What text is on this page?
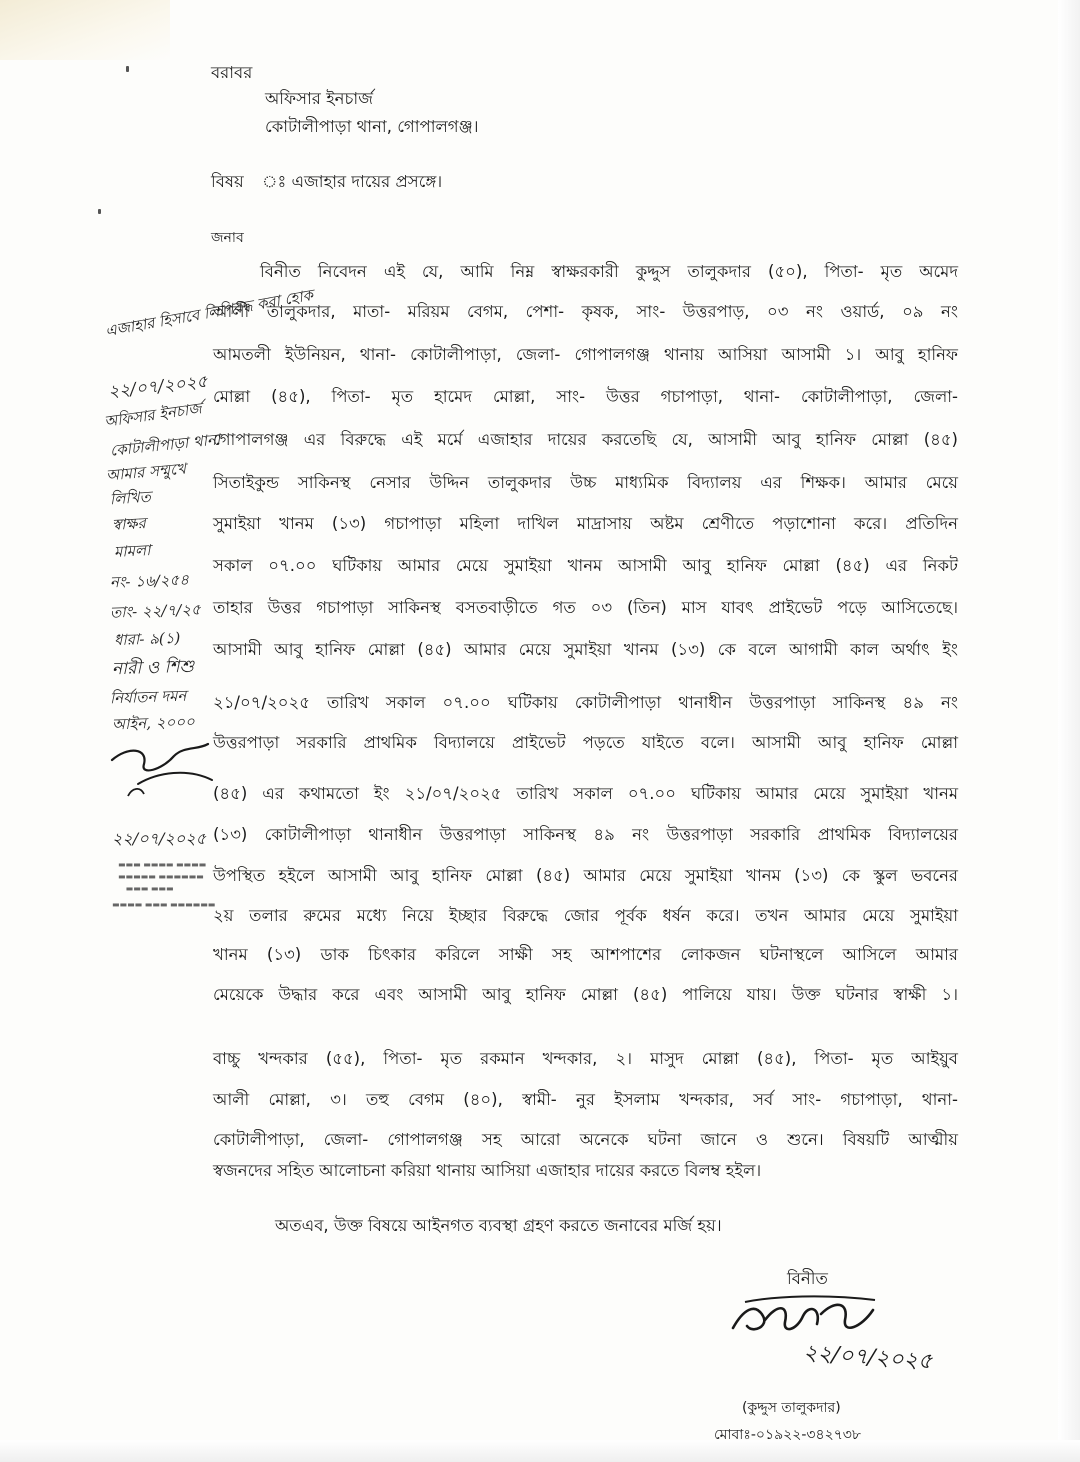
বরাবর
অফিসার ইনচার্জ
কোটালীপাড়া থানা, গোপালগঞ্জ।
বিষয় ঃ এজাহার দায়ের প্রসঙ্গে।
জনাব
বিনীত নিবেদন এই যে, আমি নিম্ন স্বাক্ষরকারী কুদ্দুস তালুকদার (৫০), পিতা- মৃত অমেদ
আলী তালুকদার, মাতা- মরিয়ম বেগম, পেশা- কৃষক, সাং- উত্তরপাড়, ০৩ নং ওয়ার্ড, ০৯ নং
আমতলী ইউনিয়ন, থানা- কোটালীপাড়া, জেলা- গোপালগঞ্জ থানায় আসিয়া আসামী ১। আবু হানিফ
মোল্লা (৪৫), পিতা- মৃত হামেদ মোল্লা, সাং- উত্তর গচাপাড়া, থানা- কোটালীপাড়া, জেলা-
গোপালগঞ্জ এর বিরুদ্ধে এই মর্মে এজাহার দায়ের করতেছি যে, আসামী আবু হানিফ মোল্লা (৪৫)
সিতাইকুন্ড সাকিনস্থ নেসার উদ্দিন তালুকদার উচ্চ মাধ্যমিক বিদ্যালয় এর শিক্ষক। আমার মেয়ে
সুমাইয়া খানম (১৩) গচাপাড়া মহিলা দাখিল মাদ্রাসায় অষ্টম শ্রেণীতে পড়াশোনা করে। প্রতিদিন
সকাল ০৭.০০ ঘটিকায় আমার মেয়ে সুমাইয়া খানম আসামী আবু হানিফ মোল্লা (৪৫) এর নিকট
তাহার উত্তর গচাপাড়া সাকিনস্থ বসতবাড়ীতে গত ০৩ (তিন) মাস যাবৎ প্রাইভেট পড়ে আসিতেছে।
আসামী আবু হানিফ মোল্লা (৪৫) আমার মেয়ে সুমাইয়া খানম (১৩) কে বলে আগামী কাল অর্থাৎ ইং
২১/০৭/২০২৫ তারিখ সকাল ০৭.০০ ঘটিকায় কোটালীপাড়া থানাধীন উত্তরপাড়া সাকিনস্থ ৪৯ নং
উত্তরপাড়া সরকারি প্রাথমিক বিদ্যালয়ে প্রাইভেট পড়তে যাইতে বলে। আসামী আবু হানিফ মোল্লা
(৪৫) এর কথামতো ইং ২১/০৭/২০২৫ তারিখ সকাল ০৭.০০ ঘটিকায় আমার মেয়ে সুমাইয়া খানম
(১৩) কোটালীপাড়া থানাধীন উত্তরপাড়া সাকিনস্থ ৪৯ নং উত্তরপাড়া সরকারি প্রাথমিক বিদ্যালয়ের
উপস্থিত হইলে আসামী আবু হানিফ মোল্লা (৪৫) আমার মেয়ে সুমাইয়া খানম (১৩) কে স্কুল ভবনের
২য় তলার রুমের মধ্যে নিয়ে ইচ্ছার বিরুদ্ধে জোর পূর্বক ধর্ষন করে। তখন আমার মেয়ে সুমাইয়া
খানম (১৩) ডাক চিৎকার করিলে সাক্ষী সহ আশপাশের লোকজন ঘটনাস্থলে আসিলে আমার
মেয়েকে উদ্ধার করে এবং আসামী আবু হানিফ মোল্লা (৪৫) পালিয়ে যায়। উক্ত ঘটনার স্বাক্ষী ১।
বাচ্চু খন্দকার (৫৫), পিতা- মৃত রকমান খন্দকার, ২। মাসুদ মোল্লা (৪৫), পিতা- মৃত আইয়ুব
আলী মোল্লা, ৩। তহু বেগম (৪০), স্বামী- নুর ইসলাম খন্দকার, সর্ব সাং- গচাপাড়া, থানা-
কোটালীপাড়া, জেলা- গোপালগঞ্জ সহ আরো অনেকে ঘটনা জানে ও শুনে। বিষয়টি আত্মীয়
স্বজনদের সহিত আলোচনা করিয়া থানায় আসিয়া এজাহার দায়ের করতে বিলম্ব হইল।
অতএব, উক্ত বিষয়ে আইনগত ব্যবস্থা গ্রহণ করতে জনাবের মর্জি হয়।
বিনীত
২২/০৭/২০২৫
(কুদ্দুস তালুকদার)
মোবাঃ-০১৯২২-৩৪২৭৩৮
এজাহার হিসাবে লিপিবদ্ধ করা হোক
২২/০৭/২০২৫
অফিসার ইনচার্জ
কোটালীপাড়া থানা
আমার সম্মুখে
লিখিত
স্বাক্ষর
মামলা
নং- ১৬/২৫৪
তাং- ২২/৭/২৫
ধারা- ৯(১)
নারী ও শিশু
নির্যাতন দমন
আইন, ২০০০
২২/০৭/২০২৫
▬▬▬ ▬▬▬▬ ▬▬▬▬
▬▬▬▬▬ ▬▬▬▬▬▬
▬▬▬ ▬▬▬
▬▬▬▬ ▬▬▬ ▬▬▬▬▬▬
